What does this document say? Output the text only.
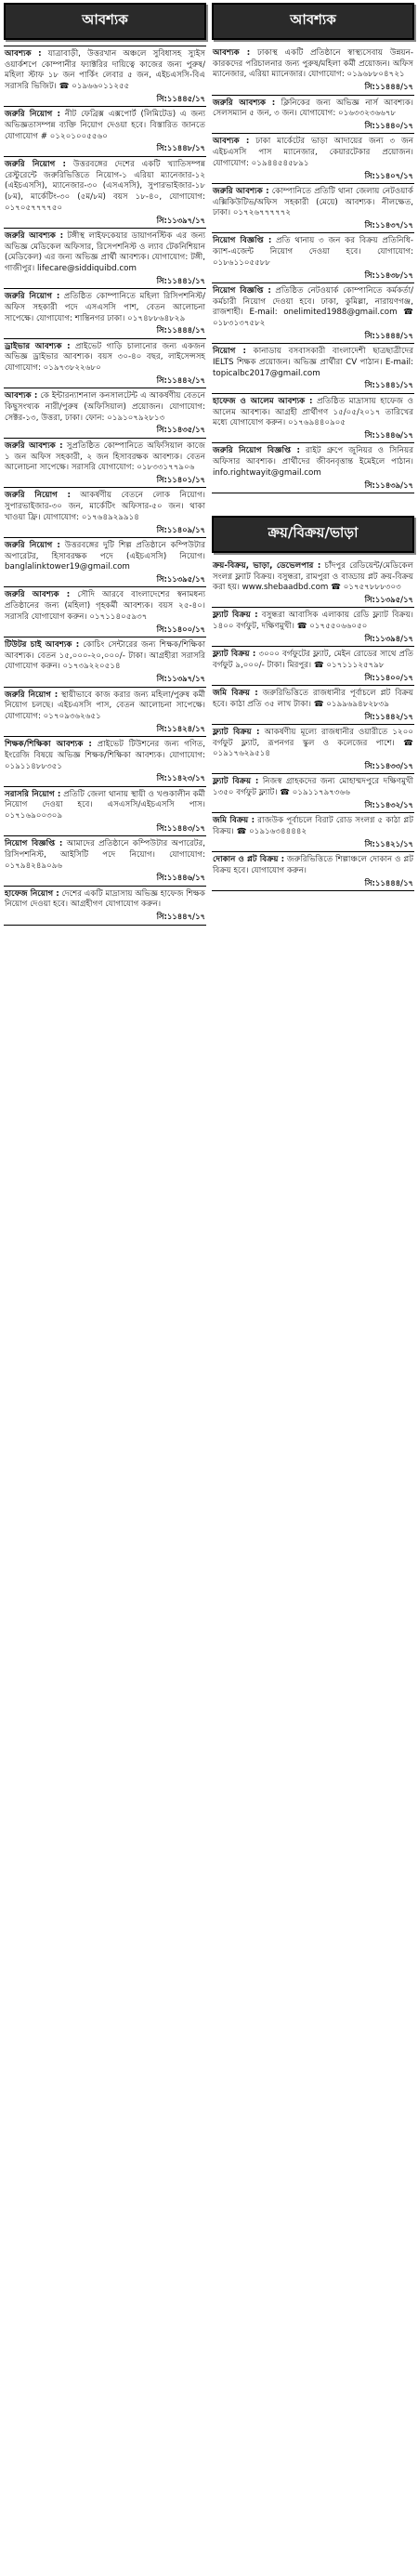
আবশ্যক

আবশ্যক : যাত্রাবাড়ী, উত্তরখান অঞ্চলে সুবিধাসহ স্যুইস ওয়ার্কশপে কোম্পানীর ফ্যাক্টরির দায়িত্বে কাজের জন্য পুরুষ/মহিলা স্টাফ ১৮ জন পার্কিং লেবার ৫ জন, এইচএসসি-বিএ সরাসরি ভিজিট। ☎ ০১৯৬৬০১১২৫৫

সি:১১৪৪৫/১৭

জরুরি নিয়োগ : নীট ফেব্রিক্স এক্সপোর্ট (লিমিটেড) এ জন্য অভিজ্ঞতাসম্পন্ন ব্যক্তি নিয়োগ দেওয়া হবে। বিস্তারিত জানতে যোগাযোগ # ০১২০১০০৫৫৬০

সি:১১৪৪৮/১৭

জরুরি নিয়োগ : উত্তরবঙ্গের দেশের একটি খ্যাতিসম্পন্ন রেস্টুরেন্টে জরুরিভিত্তিতে নিয়োগ-১ এরিয়া ম্যানেজার-১২ (এইচএসসি), ম্যানেজার-৩০ (এসএসসি), সুপারভাইজার-১৮ (৮ম), মার্কেটিং-৩০ (৫ম/৮ম) বয়স ১৮-৪০, যোগাযোগ: ০১৭০৫৭৭৭৭৫০

সি:১১৩৯৭/১৭

জরুরি আবশ্যক : টঙ্গীস্থ লাইফকেয়ার ডায়াগনস্টিক এর জন্য অভিজ্ঞ মেডিকেল অফিসার, রিসেপশনিস্ট ও ল্যাব টেকনিশিয়ান (মেডিকেল) এর জন্য অভিজ্ঞ প্রার্থী আবশ্যক। যোগাযোগ: টঙ্গী, গাজীপুর। lifecare@siddiquibd.com

সি:১১৪৪১/১৭

জরুরি নিয়োগ : প্রতিষ্ঠিত কোম্পানিতে মহিলা রিসিপশনিস্ট/অফিস সহকারী পদে এসএসসি পাশ, বেতন আলোচনা সাপেক্ষে। যোগাযোগ: শান্তিনগর ঢাকা। ০১৭৪৮৮৬৪৮২৯

সি:১১৪৪৪/১৭

ড্রাইভার আবশ্যক : প্রাইভেট গাড়ি চালানোর জন্য একজন অভিজ্ঞ ড্রাইভার আবশ্যক। বয়স ৩০-৪০ বছর, লাইসেন্সসহ যোগাযোগ: ০১৯৭৩৮২২৬৮০

সি:১১৪৪২/১৭

আবশ্যক : কে ইন্টারন্যাশনাল কনসালটেন্ট এ আকর্ষণীয় বেতনে কিছুসংখ্যক নারী/পুরুষ (অফিসিয়াল) প্রয়োজন। যোগাযোগ: সেক্টর-১৩, উত্তরা, ঢাকা। ফোন: ০১৯১০৭৯২৮১৩

সি:১১৪৩৫/১৭

জরুরি আবশ্যক : সুপ্রতিষ্ঠিত কোম্পানিতে অফিসিয়াল কাজে ১ জন অফিস সহকারী, ২ জন হিসাবরক্ষক আবশ্যক। বেতন আলোচনা সাপেক্ষে। সরাসরি যোগাযোগ: ০১৮৩৩১৭৭৯০৬

সি:১১৪০১/১৭

জরুরি নিয়োগ : আকর্ষণীয় বেতনে লোক নিয়োগ। সুপারভাইজার-৩০ জন, মার্কেটিং অফিসার-৫০ জন। থাকা খাওয়া ফ্রি। যোগাযোগ: ০১৭৬৪৯২৯৯১৪

সি:১১৪০৯/১৭

জরুরি নিয়োগ : উত্তরবঙ্গের দুটি শিল্প প্রতিষ্ঠানে কম্পিউটার অপারেটর, হিসাবরক্ষক পদে (এইচএসসি) নিয়োগ। banglalinktower19@gmail.com

সি:১১৩৯৫/১৭

জরুরি আবশ্যক : সৌদি আরবে বাংলাদেশের স্বনামধন্য প্রতিষ্ঠানের জন্য (মহিলা) গৃহকর্মী আবশ্যক। বয়স ২৫-৪০। সরাসরি যোগাযোগ করুন। ০১৭১১৪০৫৯৩৭

সি:১১৪০০/১৭

টিউটর চাই আবশ্যক : কোচিং সেন্টারের জন্য শিক্ষক/শিক্ষিকা আবশ্যক। বেতন ১৫,০০০-২০,০০০/- টাকা। আগ্রহীরা সরাসরি যোগাযোগ করুন। ০১৭৩৯২২০৫১৪

সি:১১৩৯৭/১৭

জরুরি নিয়োগ : স্থায়ীভাবে কাজ করার জন্য মহিলা/পুরুষ কর্মী নিয়োগ চলছে। এইচএসসি পাস, বেতন আলোচনা সাপেক্ষে। যোগাযোগ: ০১৭০৯৩৬২৬৫১

সি:১১৪২৪/১৭

শিক্ষক/শিক্ষিকা আবশ্যক : প্রাইভেট টিউশনের জন্য গণিত, ইংরেজি বিষয়ে অভিজ্ঞ শিক্ষক/শিক্ষিকা আবশ্যক। যোগাযোগ: ০১৯১১৪৮৮৩৫১

সি:১১৪২৩/১৭

সরাসরি নিয়োগ : প্রতিটি জেলা থানায় স্থায়ী ও খণ্ডকালীন কর্মী নিয়োগ দেওয়া হবে। এসএসসি/এইচএসসি পাস। ০১৭১৬৯০০৩০৯

সি:১১৪৪৩/১৭

নিয়োগ বিজ্ঞপ্তি : আমাদের প্রতিষ্ঠানে কম্পিউটার অপারেটর, রিসিপশনিস্ট, আইসিটি পদে নিয়োগ। যোগাযোগ: ০১৭৯৪২৪৯০৯৬

সি:১১৪৪৬/১৭

হাফেজ নিয়োগ : দেশের একটি মাদ্রাসায় অভিজ্ঞ হাফেজ শিক্ষক নিয়োগ দেওয়া হবে। আগ্রহীগণ যোগাযোগ করুন।

সি:১১৪৪৭/১৭
আবশ্যক

আবশ্যক : ঢাকাস্থ একটি প্রতিষ্ঠানে স্বাস্থ্যসেবায় উন্নয়ন-কারকদের পরিচালনার জন্য পুরুষ/মহিলা কর্মী প্রয়োজন। অফিস ম্যানেজার, এরিয়া ম্যানেজার। যোগাযোগ: ০১৯৬৮৮০৪৭২১

সি:১১৪৪৪/১৭

জরুরি আবশ্যক : ক্লিনিকের জন্য অভিজ্ঞ নার্স আবশ্যক। সেলসম্যান ৫ জন, ৩ জন। যোগাযোগ: ০১৬৩৩২৩৬৬৭৮

সি:১১৪৪০/১৭

আবশ্যক : ঢাকা মার্কেটের ভাড়া আদায়ের জন্য ৩ জন এইচএসসি পাস ম্যানেজার, কেয়ারটেকার প্রয়োজন। যোগাযোগ: ০১৯৪৪৫৪৫৮৯১

সি:১১৪০৭/১৭

জরুরি আবশ্যক : কোম্পানিতে প্রতিটি থানা জেলায় নেটওয়ার্ক এক্সিকিউটিভ/অফিস সহকারী (মেয়ে) আবশ্যক। নীলক্ষেত, ঢাকা। ০১৭২৬৭৭৭৭৭২

সি:১১৪৩৭/১৭

নিয়োগ বিজ্ঞপ্তি : প্রতি থানায় ৩ জন কর বিক্রয় প্রতিনিধি-ক্যাশ-এজেন্ট নিয়োগ দেওয়া হবে। যোগাযোগ: ০১৮৬১১০৫৫৮৮

সি:১১৪৩৮/১৭

নিয়োগ বিজ্ঞপ্তি : প্রতিষ্ঠিত নেটওয়ার্ক কোম্পানিতে কর্মকর্তা/কর্মচারী নিয়োগ দেওয়া হবে। ঢাকা, কুমিল্লা, নারায়ণগঞ্জ, রাজশাহী। E-mail: onelimited1988@gmail.com ☎ ০১৮৩১৩৭৫৮২

সি:১১৪৪৪/১৭

নিয়োগ : কানাডায় বসবাসকারী বাংলাদেশী ছাত্রছাত্রীদের IELTS শিক্ষক প্রয়োজন। অভিজ্ঞ প্রার্থীরা CV পাঠান। E-mail: topicalbc2017@gmail.com

সি:১১৪৪১/১৭

হাফেজ ও আলেম আবশ্যক : প্রতিষ্ঠিত মাদ্রাসায় হাফেজ ও আলেম আবশ্যক। আগ্রহী প্রার্থীগণ ১৫/০৫/২০১৭ তারিখের মধ্যে যোগাযোগ করুন। ০১৭৬৯৪৪০৯০৫

সি:১১৪৪৬/১৭

জরুরি নিয়োগ বিজ্ঞপ্তি : রাইট গ্রুপে জুনিয়র ও সিনিয়র অফিসার আবশ্যক। প্রার্থীদের জীবনবৃত্তান্ত ইমেইলে পাঠান। info.rightwayit@gmail.com

সি:১১৪৩৯/১৭
ক্রয়/বিক্রয়/ভাড়া

ক্রয়-বিক্রয়, ভাড়া, ডেভেলপার : চাঁদপুর রেডিয়েন্ট/মেডিকেল সংলগ্ন ফ্ল্যাট বিক্রয়। বসুন্ধরা, রামপুরা ও বাড্ডায় প্লট ক্রয়-বিক্রয় করা হয়। www.shebaadbd.com ☎ ০১৭৫৭৮৮৮৩০৩

সি:১১৩৯৫/১৭

ফ্ল্যাট বিক্রয় : বসুন্ধরা আবাসিক এলাকায় রেডি ফ্ল্যাট বিক্রয়। ১৪০০ বর্গফুট, দক্ষিণমুখী। ☎ ০১৭৫৫০৬৬০৫০

সি:১১৩৯৪/১৭

ফ্ল্যাট বিক্রয় : ৩০০০ বর্গফুটের ফ্ল্যাট, মেইন রোডের সাথে প্রতি বর্গফুট ৯,০০০/- টাকা। মিরপুর। ☎ ০১৭১১১২৫৭৯৮

সি:১১৪০০/১৭

জমি বিক্রয় : জরুরিভিত্তিতে রাজধানীর পূর্বাচলে প্লট বিক্রয় হবে। কাঠা প্রতি ৩৫ লাখ টাকা। ☎ ০১৯৯৬৯৪৮২৮৩৯

সি:১১৪৪২/১৭

ফ্ল্যাট বিক্রয় : আকর্ষণীয় মূল্যে রাজধানীর ওয়ারীতে ১২০০ বর্গফুট ফ্ল্যাট, রূপনগর স্কুল ও কলেজের পাশে। ☎ ০১৯১৭৬২৯৫১৪

সি:১১৪৩৩/১৭

ফ্ল্যাট বিক্রয় : নিজস্ব গ্রাহকদের জন্য মোহাম্মদপুরে দক্ষিণমুখী ১৩৫০ বর্গফুট ফ্ল্যাট। ☎ ০১৯১১৭৯৭৩৬৬

সি:১১৪৩২/১৭

জমি বিক্রয় : রাজউক পূর্বাচলে বিরাট রোড সংলগ্ন ৫ কাঠা প্লট বিক্রয়। ☎ ০১৯১৬৩৪৪৪৪২

সি:১১৪২১/১৭

দোকান ও প্লট বিক্রয় : জরুরিভিত্তিতে শিল্পাঞ্চলে দোকান ও প্লট বিক্রয় হবে। যোগাযোগ করুন।

সি:১১৪৪৪/১৭
